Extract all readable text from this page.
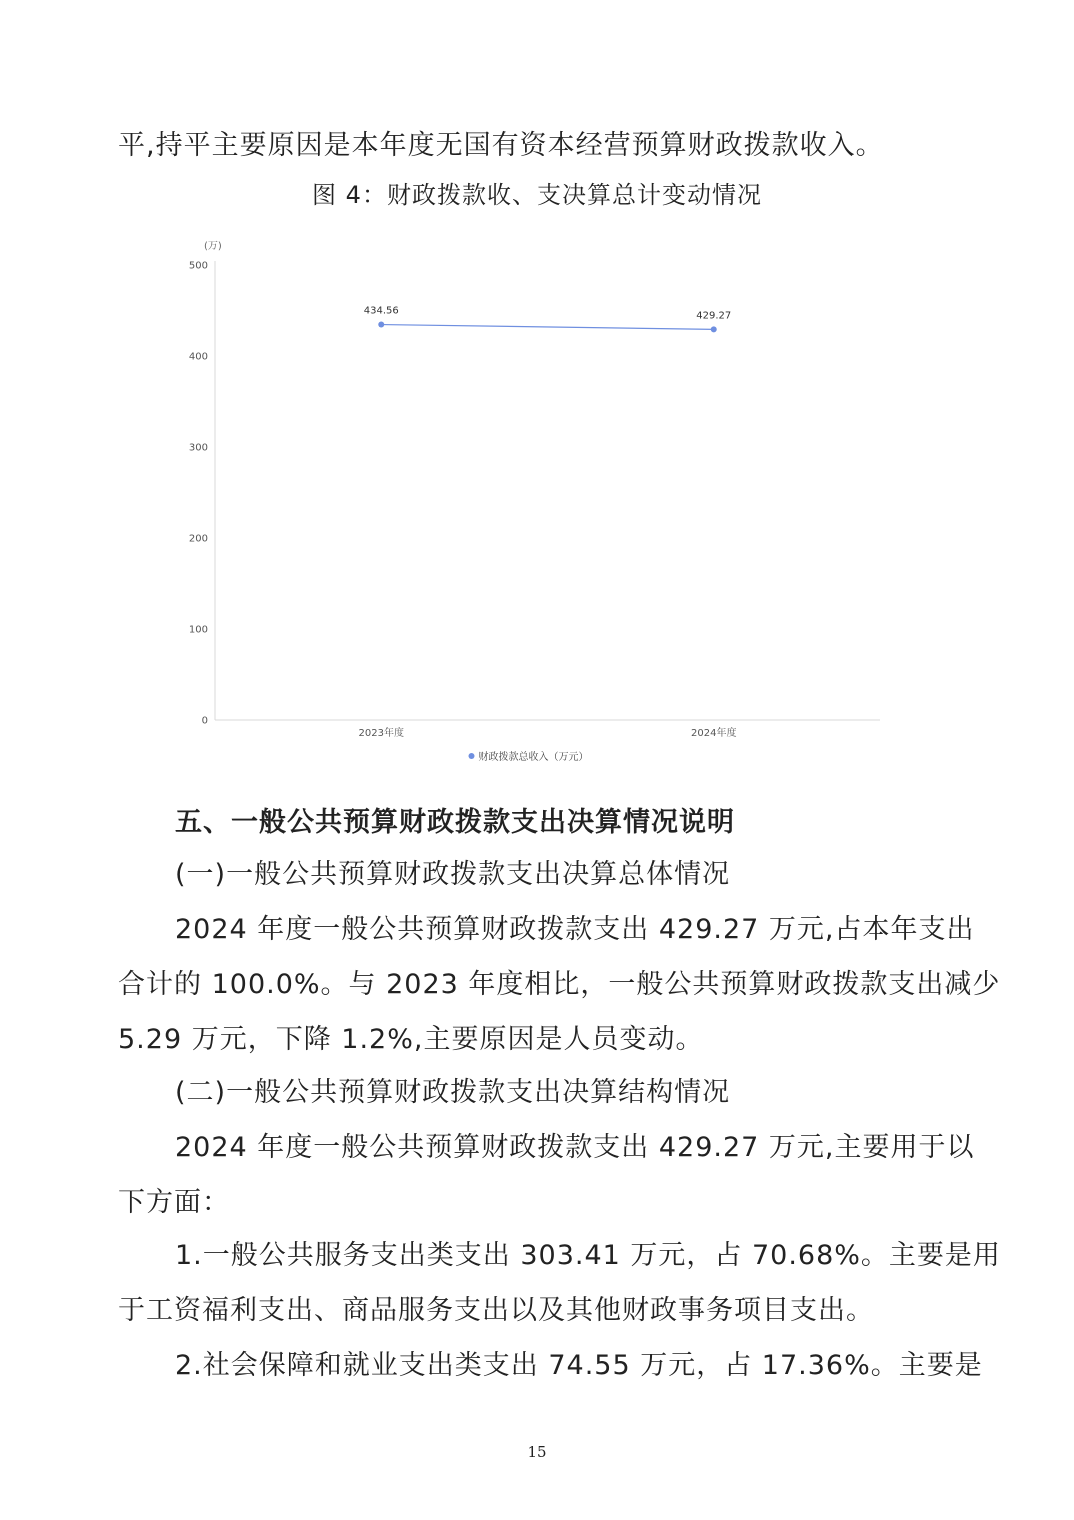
平,持平主要原因是本年度无国有资本经营预算财政拨款收入。
图 4：财政拨款收、支决算总计变动情况
(万)
0
100
200
300
400
500
2023年度	2024年度
434.56	429.27
财政拨款总收入（万元）
五、一般公共预算财政拨款支出决算情况说明
(一)一般公共预算财政拨款支出决算总体情况
2024 年度一般公共预算财政拨款支出 429.27 万元,占本年支出
合计的 100.0%。与 2023 年度相比，一般公共预算财政拨款支出减少
5.29 万元，下降 1.2%,主要原因是人员变动。
(二)一般公共预算财政拨款支出决算结构情况
2024 年度一般公共预算财政拨款支出 429.27 万元,主要用于以
下方面：
1.一般公共服务支出类支出 303.41 万元，占 70.68%。主要是用
于工资福利支出、商品服务支出以及其他财政事务项目支出。
2.社会保障和就业支出类支出 74.55 万元，占 17.36%。主要是
15
